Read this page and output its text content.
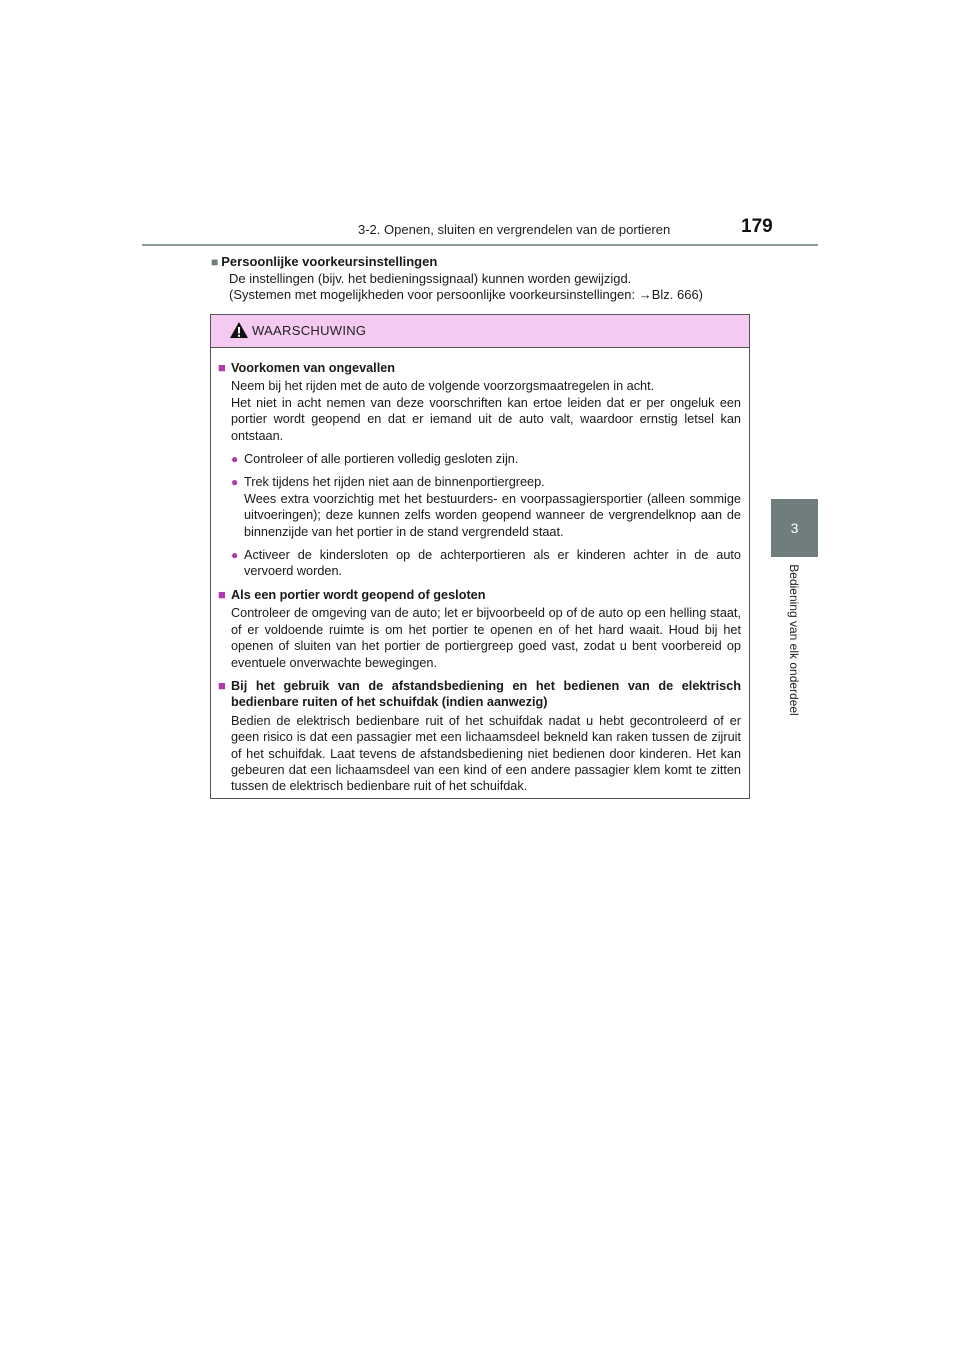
3-2. Openen, sluiten en vergrendelen van de portieren	179
3
Bediening van elk onderdeel
■ Persoonlijke voorkeursinstellingen
De instellingen (bijv. het bedieningssignaal) kunnen worden gewijzigd.
(Systemen met mogelijkheden voor persoonlijke voorkeursinstellingen: →Blz. 666)
WAARSCHUWING
■ Voorkomen van ongevallen
Neem bij het rijden met de auto de volgende voorzorgsmaatregelen in acht.
Het niet in acht nemen van deze voorschriften kan ertoe leiden dat er per ongeluk een portier wordt geopend en dat er iemand uit de auto valt, waardoor ernstig letsel kan ontstaan.
● Controleer of alle portieren volledig gesloten zijn.
● Trek tijdens het rijden niet aan de binnenportiergreep.
Wees extra voorzichtig met het bestuurders- en voorpassagiersportier (alleen sommige uitvoeringen); deze kunnen zelfs worden geopend wanneer de vergrendelknop aan de binnenzijde van het portier in de stand vergrendeld staat.
● Activeer de kindersloten op de achterportieren als er kinderen achter in de auto vervoerd worden.
■ Als een portier wordt geopend of gesloten
Controleer de omgeving van de auto; let er bijvoorbeeld op of de auto op een helling staat, of er voldoende ruimte is om het portier te openen en of het hard waait. Houd bij het openen of sluiten van het portier de portiergreep goed vast, zodat u bent voorbereid op eventuele onverwachte bewegingen.
■ Bij het gebruik van de afstandsbediening en het bedienen van de elektrisch bedienbare ruiten of het schuifdak (indien aanwezig)
Bedien de elektrisch bedienbare ruit of het schuifdak nadat u hebt gecontroleerd of er geen risico is dat een passagier met een lichaamsdeel bekneld kan raken tussen de zijruit of het schuifdak. Laat tevens de afstandsbediening niet bedienen door kinderen. Het kan gebeuren dat een lichaamsdeel van een kind of een andere passagier klem komt te zitten tussen de elektrisch bedienbare ruit of het schuifdak.
